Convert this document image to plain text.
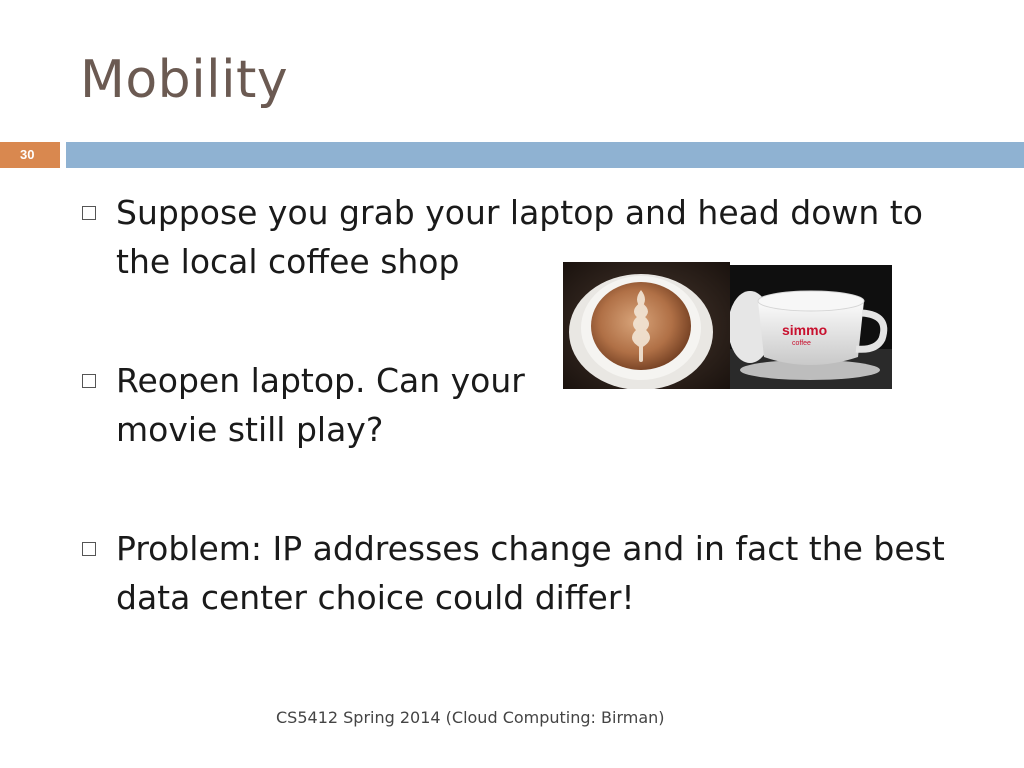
Mobility
30
Suppose you grab your laptop and head down to the local coffee shop
Reopen laptop. Can your movie still play?
Problem: IP addresses change and in fact the best data center choice could differ!
simmo
coffee
CS5412 Spring 2014 (Cloud Computing: Birman)
